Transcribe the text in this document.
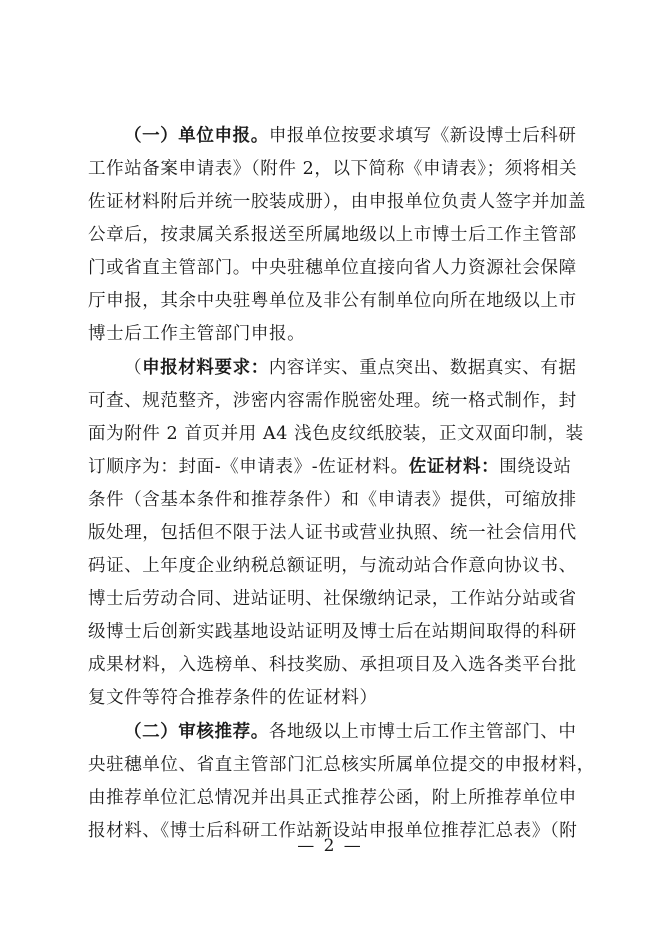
（一）单位申报。申报单位按要求填写《新设博士后科研
工作站备案申请表》（附件 2，以下简称《申请表》；须将相关
佐证材料附后并统一胶装成册），由申报单位负责人签字并加盖
公章后，按隶属关系报送至所属地级以上市博士后工作主管部
门或省直主管部门。中央驻穗单位直接向省人力资源社会保障
厅申报，其余中央驻粤单位及非公有制单位向所在地级以上市
博士后工作主管部门申报。
（申报材料要求：内容详实、重点突出、数据真实、有据
可查、规范整齐，涉密内容需作脱密处理。统一格式制作，封
面为附件 2 首页并用 A4 浅色皮纹纸胶装，正文双面印制，装
订顺序为：封面-《申请表》-佐证材料。佐证材料：围绕设站
条件（含基本条件和推荐条件）和《申请表》提供，可缩放排
版处理，包括但不限于法人证书或营业执照、统一社会信用代
码证、上年度企业纳税总额证明，与流动站合作意向协议书、
博士后劳动合同、进站证明、社保缴纳记录，工作站分站或省
级博士后创新实践基地设站证明及博士后在站期间取得的科研
成果材料，入选榜单、科技奖励、承担项目及入选各类平台批
复文件等符合推荐条件的佐证材料）
（二）审核推荐。各地级以上市博士后工作主管部门、中
央驻穗单位、省直主管部门汇总核实所属单位提交的申报材料，
由推荐单位汇总情况并出具正式推荐公函，附上所推荐单位申
报材料、《博士后科研工作站新设站申报单位推荐汇总表》（附
— 2 —
